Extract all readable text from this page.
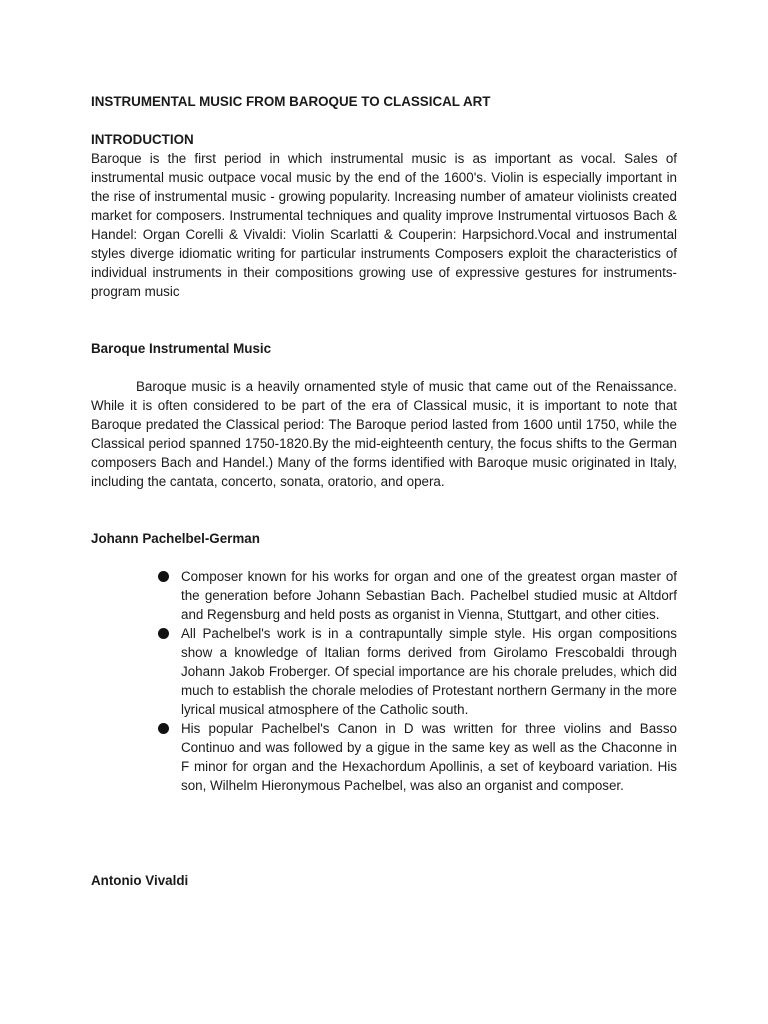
INSTRUMENTAL MUSIC FROM BAROQUE TO CLASSICAL ART

INTRODUCTION

Baroque is the first period in which instrumental music is as important as vocal. Sales of instrumental music outpace vocal music by the end of the 1600's. Violin is especially important in the rise of instrumental music - growing popularity. Increasing number of amateur violinists created market for composers. Instrumental techniques and quality improve Instrumental virtuosos Bach & Handel: Organ Corelli & Vivaldi: Violin Scarlatti & Couperin: Harpsichord.Vocal and instrumental styles diverge idiomatic writing for particular instruments Composers exploit the characteristics of individual instruments in their compositions growing use of expressive gestures for instruments-program music

Baroque Instrumental Music

Baroque music is a heavily ornamented style of music that came out of the Renaissance. While it is often considered to be part of the era of Classical music, it is important to note that Baroque predated the Classical period: The Baroque period lasted from 1600 until 1750, while the Classical period spanned 1750-1820.By the mid-eighteenth century, the focus shifts to the German composers Bach and Handel.) Many of the forms identified with Baroque music originated in Italy, including the cantata, concerto, sonata, oratorio, and opera.

Johann Pachelbel-German

Composer known for his works for organ and one of the greatest organ master of the generation before Johann Sebastian Bach. Pachelbel studied music at Altdorf and Regensburg and held posts as organist in Vienna, Stuttgart, and other cities.
All Pachelbel's work is in a contrapuntally simple style. His organ compositions show a knowledge of Italian forms derived from Girolamo Frescobaldi through Johann Jakob Froberger. Of special importance are his chorale preludes, which did much to establish the chorale melodies of Protestant northern Germany in the more lyrical musical atmosphere of the Catholic south.
His popular Pachelbel's Canon in D was written for three violins and Basso Continuo and was followed by a gigue in the same key as well as the Chaconne in F minor for organ and the Hexachordum Apollinis, a set of keyboard variation. His son, Wilhelm Hieronymous Pachelbel, was also an organist and composer.

Antonio Vivaldi
